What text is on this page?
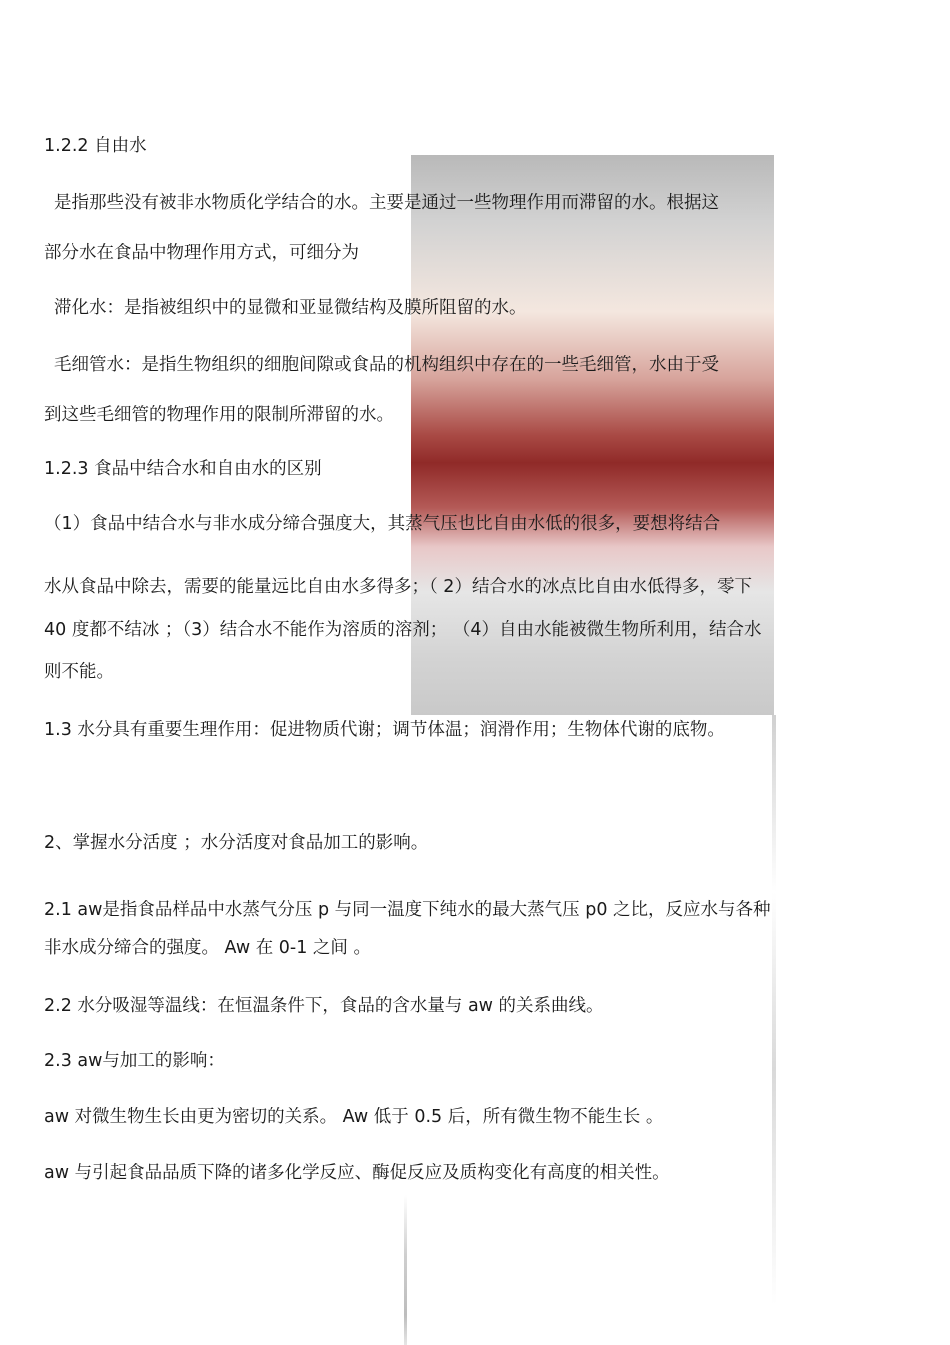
1.2.2 自由水
是指那些没有被非水物质化学结合的水。主要是通过一些物理作用而滞留的水。根据这
部分水在食品中物理作用方式，可细分为
滞化水：是指被组织中的显微和亚显微结构及膜所阻留的水。
毛细管水：是指生物组织的细胞间隙或食品的机构组织中存在的一些毛细管，水由于受
到这些毛细管的物理作用的限制所滞留的水。
1.2.3 食品中结合水和自由水的区别
（1）食品中结合水与非水成分缔合强度大，其蒸气压也比自由水低的很多，要想将结合
水从食品中除去，需要的能量远比自由水多得多；（ 2）结合水的冰点比自由水低得多，零下
40 度都不结冰 ；（3）结合水不能作为溶质的溶剂； （4）自由水能被微生物所利用，结合水
则不能。
1.3 水分具有重要生理作用：促进物质代谢；调节体温；润滑作用；生物体代谢的底物。
2、掌握水分活度 ；水分活度对食品加工的影响。
2.1 aw是指食品样品中水蒸气分压 p 与同一温度下纯水的最大蒸气压 p0 之比，反应水与各种
非水成分缔合的强度。 Aw 在 0-1 之间 。
2.2 水分吸湿等温线：在恒温条件下，食品的含水量与 aw 的关系曲线。
2.3 aw与加工的影响：
aw 对微生物生长由更为密切的关系。 Aw 低于 0.5 后，所有微生物不能生长 。
aw 与引起食品品质下降的诸多化学反应、酶促反应及质构变化有高度的相关性。
